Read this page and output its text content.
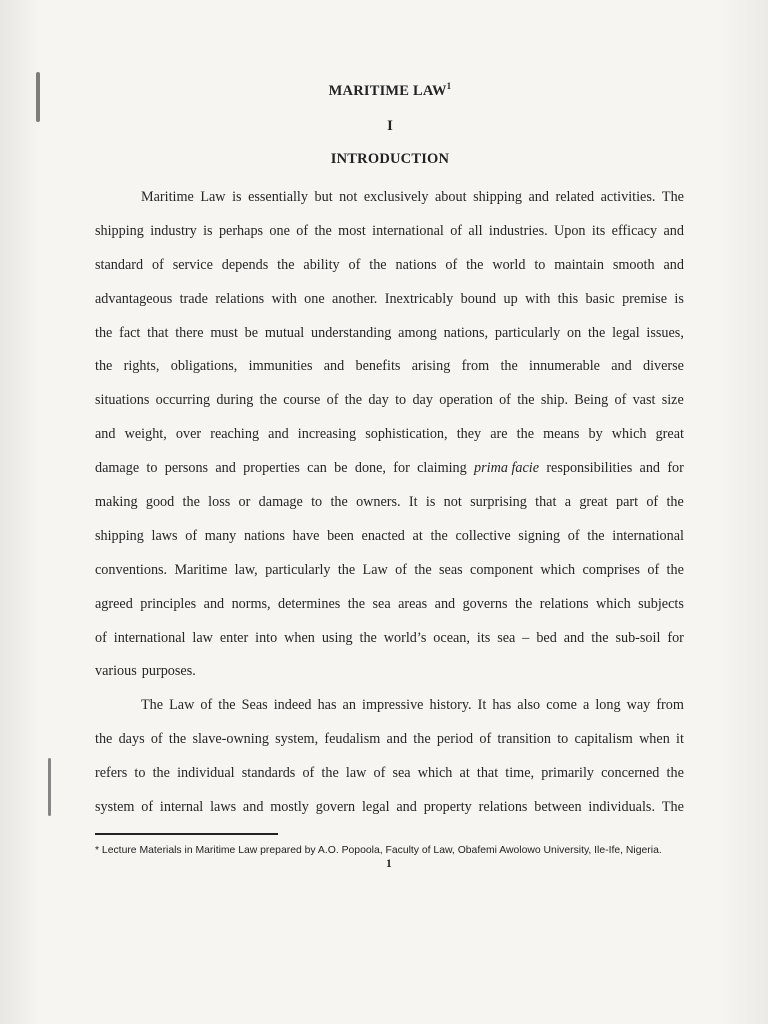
MARITIME LAW$^1$
I
INTRODUCTION
Maritime Law is essentially but not exclusively about shipping and related activities. The
shipping industry is perhaps one of the most international of all industries. Upon its efficacy and
standard of service depends the ability of the nations of the world to maintain smooth and
advantageous trade relations with one another. Inextricably bound up with this basic premise is
the fact that there must be mutual understanding among nations, particularly on the legal issues,
the rights, obligations, immunities and benefits arising from the innumerable and diverse
situations occurring during the course of the day to day operation of the ship. Being of vast size
and weight, over reaching and increasing sophistication, they are the means by which great
damage to persons and properties can be done, for claiming prima facie responsibilities and for
making good the loss or damage to the owners. It is not surprising that a great part of the
shipping laws of many nations have been enacted at the collective signing of the international
conventions. Maritime law, particularly the Law of the seas component which comprises of the
agreed principles and norms, determines the sea areas and governs the relations which subjects
of international law enter into when using the world’s ocean, its sea – bed and the sub-soil for
various purposes.
The Law of the Seas indeed has an impressive history. It has also come a long way from
the days of the slave-owning system, feudalism and the period of transition to capitalism when it
refers to the individual standards of the law of sea which at that time, primarily concerned the
system of internal laws and mostly govern legal and property relations between individuals. The
* Lecture Materials in Maritime Law prepared by A.O. Popoola, Faculty of Law, Obafemi Awolowo University, Ile-Ife, Nigeria.
1
